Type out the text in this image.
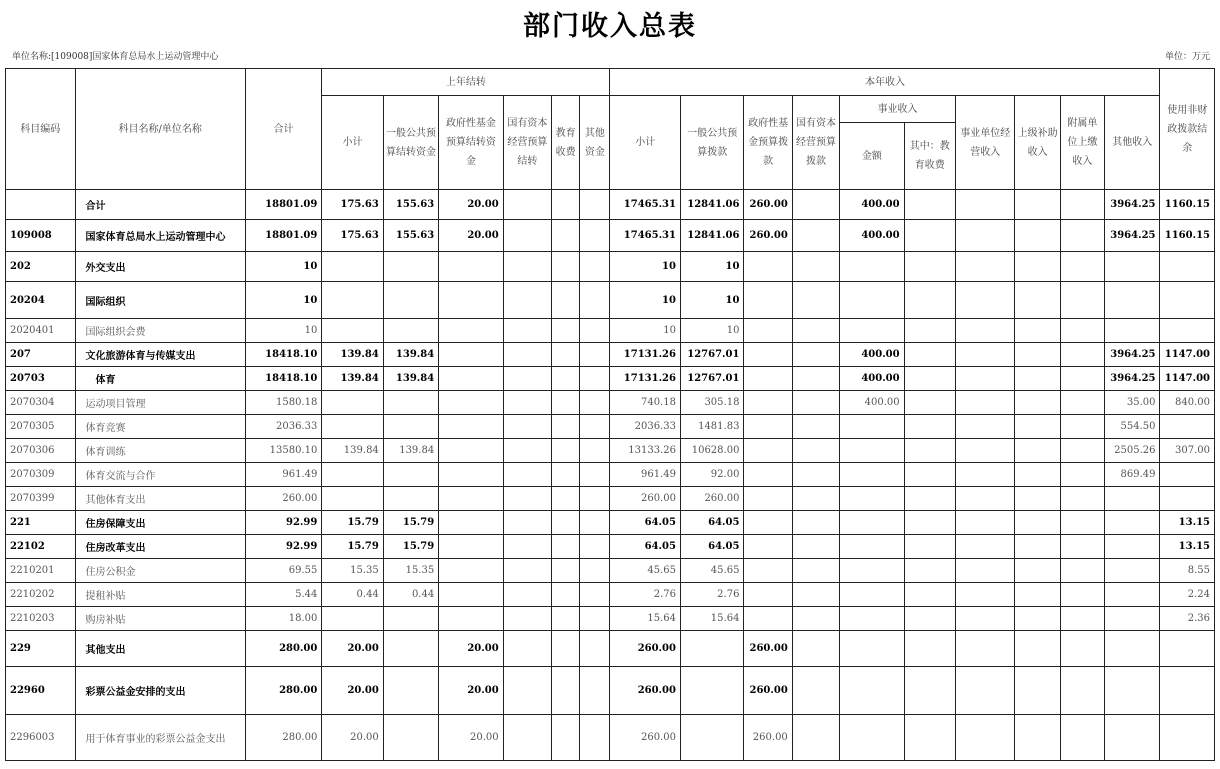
部门收入总表
单位名称:[109008]国家体育总局水上运动管理中心	单位：万元
科目编码	科目名称/单位名称	合计	上年结转						本年收入										使用非财政拨款结余
			小计	一般公共预算结转资金	政府性基金预算结转资金	国有资本经营预算结转	教育收费	其他资金	小计	一般公共预算拨款	政府性基金预算拨款	国有资本经营预算拨款	事业收入		事业单位经营收入	上级补助收入	附属单位上缴收入	其他收入	
													金额	其中：教育收费					
	合计	18801.09	175.63	155.63	20.00				17465.31	12841.06	260.00		400.00					3964.25	1160.15
109008	国家体育总局水上运动管理中心	18801.09	175.63	155.63	20.00				17465.31	12841.06	260.00		400.00					3964.25	1160.15
202	外交支出	10							10	10									
20204	国际组织	10							10	10									
2020401	国际组织会费	10							10	10									
207	文化旅游体育与传媒支出	18418.10	139.84	139.84					17131.26	12767.01			400.00					3964.25	1147.00
20703	体育	18418.10	139.84	139.84					17131.26	12767.01			400.00					3964.25	1147.00
2070304	运动项目管理	1580.18							740.18	305.18			400.00					35.00	840.00
2070305	体育竞赛	2036.33							2036.33	1481.83								554.50	
2070306	体育训练	13580.10	139.84	139.84					13133.26	10628.00								2505.26	307.00
2070309	体育交流与合作	961.49							961.49	92.00								869.49	
2070399	其他体育支出	260.00							260.00	260.00									
221	住房保障支出	92.99	15.79	15.79					64.05	64.05									13.15
22102	住房改革支出	92.99	15.79	15.79					64.05	64.05									13.15
2210201	住房公积金	69.55	15.35	15.35					45.65	45.65									8.55
2210202	提租补贴	5.44	0.44	0.44					2.76	2.76									2.24
2210203	购房补贴	18.00							15.64	15.64									2.36
229	其他支出	280.00	20.00		20.00				260.00		260.00								
22960	彩票公益金安排的支出	280.00	20.00		20.00				260.00		260.00								
2296003	用于体育事业的彩票公益金支出	280.00	20.00		20.00				260.00		260.00								
